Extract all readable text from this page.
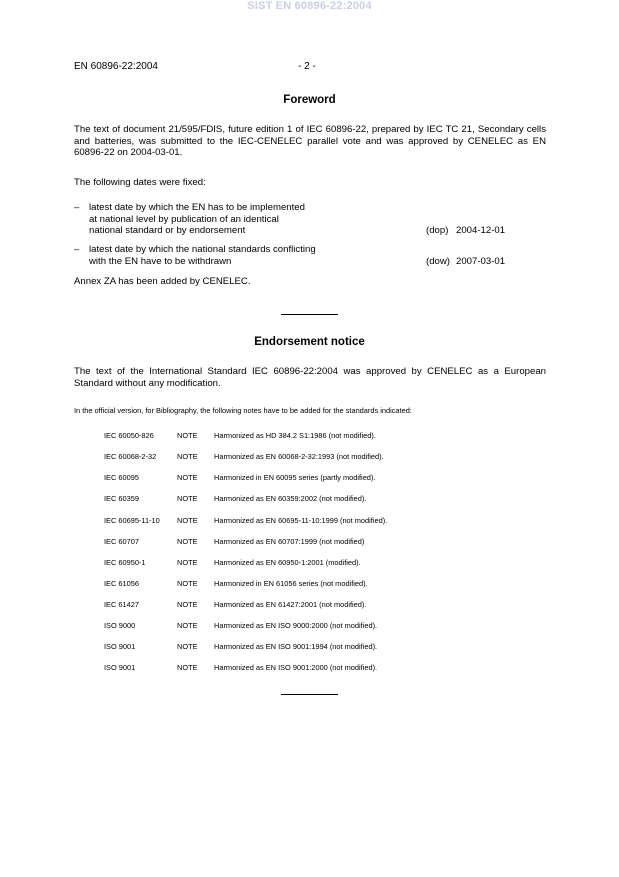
SIST EN 60896-22:2004
EN 60896-22:2004	- 2 -
Foreword
The text of document 21/595/FDIS, future edition 1 of IEC 60896-22, prepared by IEC TC 21, Secondary cells and batteries, was submitted to the IEC-CENELEC parallel vote and was approved by CENELEC as EN 60896-22 on 2004-03-01.
The following dates were fixed:
– latest date by which the EN has to be implemented
at national level by publication of an identical
national standard or by endorsement	(dop) 2004-12-01
– latest date by which the national standards conflicting
with the EN have to be withdrawn	(dow) 2007-03-01
Annex ZA has been added by CENELEC.
Endorsement notice
The text of the International Standard IEC 60896-22:2004 was approved by CENELEC as a European Standard without any modification.
In the official version, for Bibliography, the following notes have to be added for the standards indicated:
IEC 60050-826	NOTE Harmonized as HD 384.2 S1:1986 (not modified).
IEC 60068-2-32	NOTE Harmonized as EN 60068-2-32:1993 (not modified).
IEC 60095	NOTE Harmonized in EN 60095 series (partly modified).
IEC 60359	NOTE Harmonized as EN 60359:2002 (not modified).
IEC 60695-11-10 NOTE Harmonized as EN 60695-11-10:1999 (not modified).
IEC 60707	NOTE Harmonized as EN 60707:1999 (not modified)
IEC 60950-1	NOTE Harmonized as EN 60950-1:2001 (modified).
IEC 61056	NOTE Harmonized in EN 61056 series (not modified).
IEC 61427	NOTE Harmonized as EN 61427:2001 (not modified).
ISO 9000	NOTE Harmonized as EN ISO 9000:2000 (not modified).
ISO 9001	NOTE Harmonized as EN ISO 9001:1994 (not modified).
ISO 9001	NOTE Harmonized as EN ISO 9001:2000 (not modified).
